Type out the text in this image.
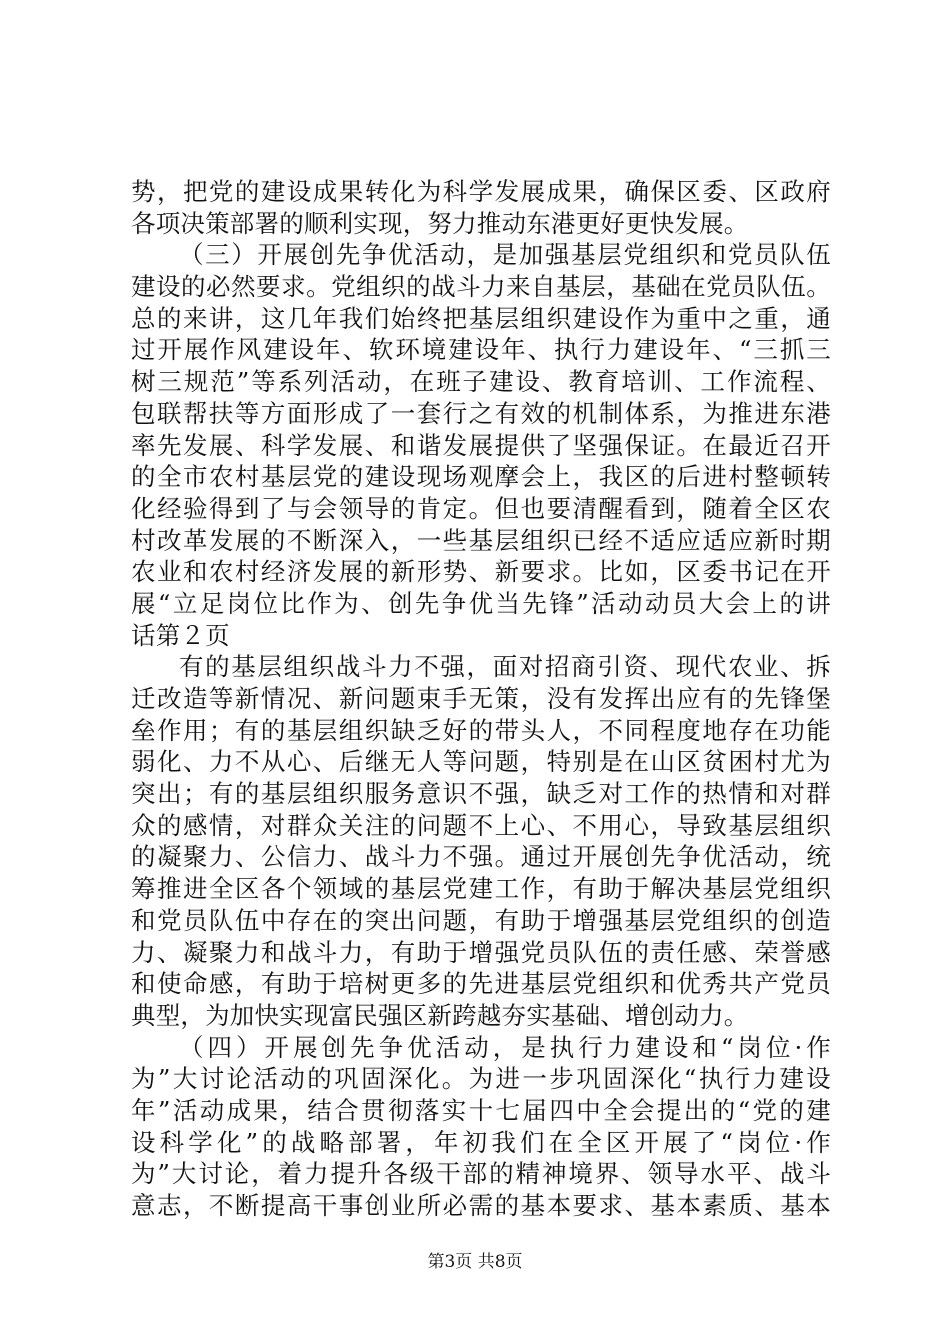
势，把党的建设成果转化为科学发展成果，确保区委、区政府
各项决策部署的顺利实现，努力推动东港更好更快发展。
（三）开展创先争优活动，是加强基层党组织和党员队伍
建设的必然要求。党组织的战斗力来自基层，基础在党员队伍。
总的来讲，这几年我们始终把基层组织建设作为重中之重，通
过开展作风建设年、软环境建设年、执行力建设年、“三抓三
树三规范”等系列活动，在班子建设、教育培训、工作流程、
包联帮扶等方面形成了一套行之有效的机制体系，为推进东港
率先发展、科学发展、和谐发展提供了坚强保证。在最近召开
的全市农村基层党的建设现场观摩会上，我区的后进村整顿转
化经验得到了与会领导的肯定。但也要清醒看到，随着全区农
村改革发展的不断深入，一些基层组织已经不适应适应新时期
农业和农村经济发展的新形势、新要求。比如，区委书记在开
展“立足岗位比作为、创先争优当先锋”活动动员大会上的讲
话第２页
有的基层组织战斗力不强，面对招商引资、现代农业、拆
迁改造等新情况、新问题束手无策，没有发挥出应有的先锋堡
垒作用；有的基层组织缺乏好的带头人，不同程度地存在功能
弱化、力不从心、后继无人等问题，特别是在山区贫困村尤为
突出；有的基层组织服务意识不强，缺乏对工作的热情和对群
众的感情，对群众关注的问题不上心、不用心，导致基层组织
的凝聚力、公信力、战斗力不强。通过开展创先争优活动，统
筹推进全区各个领域的基层党建工作，有助于解决基层党组织
和党员队伍中存在的突出问题，有助于增强基层党组织的创造
力、凝聚力和战斗力，有助于增强党员队伍的责任感、荣誉感
和使命感，有助于培树更多的先进基层党组织和优秀共产党员
典型，为加快实现富民强区新跨越夯实基础、增创动力。
（四）开展创先争优活动，是执行力建设和“岗位·作
为”大讨论活动的巩固深化。为进一步巩固深化“执行力建设
年”活动成果，结合贯彻落实十七届四中全会提出的“党的建
设科学化”的战略部署，年初我们在全区开展了“岗位·作
为”大讨论，着力提升各级干部的精神境界、领导水平、战斗
意志，不断提高干事创业所必需的基本要求、基本素质、基本
第3页 共8页
